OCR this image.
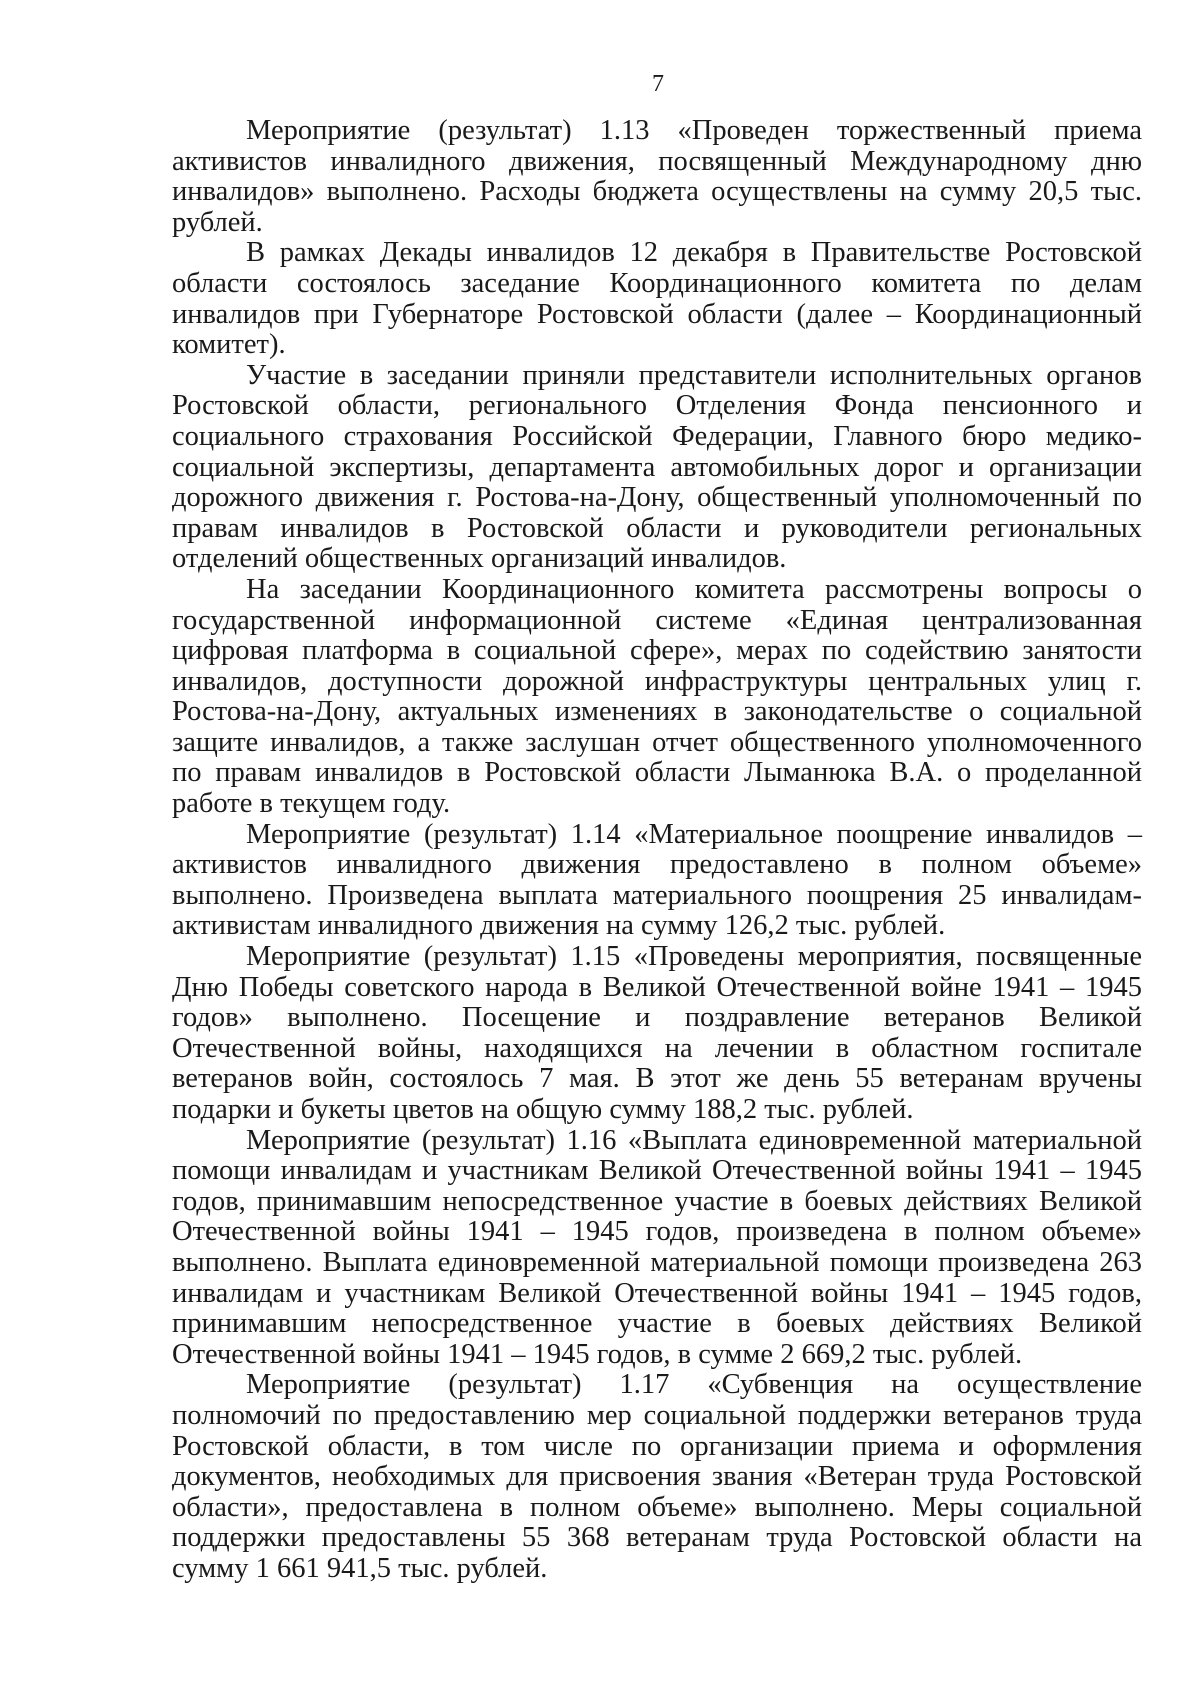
7

Мероприятие (результат) 1.13 «Проведен торжественный приема активистов инвалидного движения, посвященный Международному дню инвалидов» выполнено. Расходы бюджета осуществлены на сумму 20,5 тыс. рублей.

В рамках Декады инвалидов 12 декабря в Правительстве Ростовской области состоялось заседание Координационного комитета по делам инвалидов при Губернаторе Ростовской области (далее – Координационный комитет).

Участие в заседании приняли представители исполнительных органов Ростовской области, регионального Отделения Фонда пенсионного и социального страхования Российской Федерации, Главного бюро медико-социальной экспертизы, департамента автомобильных дорог и организации дорожного движения г. Ростова-на-Дону, общественный уполномоченный по правам инвалидов в Ростовской области и руководители региональных отделений общественных организаций инвалидов.

На заседании Координационного комитета рассмотрены вопросы о государственной информационной системе «Единая централизованная цифровая платформа в социальной сфере», мерах по содействию занятости инвалидов, доступности дорожной инфраструктуры центральных улиц г. Ростова-на-Дону, актуальных изменениях в законодательстве о социальной защите инвалидов, а также заслушан отчет общественного уполномоченного по правам инвалидов в Ростовской области Лыманюка В.А. о проделанной работе в текущем году.

Мероприятие (результат) 1.14 «Материальное поощрение инвалидов – активистов инвалидного движения предоставлено в полном объеме» выполнено. Произведена выплата материального поощрения 25 инвалидам-активистам инвалидного движения на сумму 126,2 тыс. рублей.

Мероприятие (результат) 1.15 «Проведены мероприятия, посвященные Дню Победы советского народа в Великой Отечественной войне 1941 – 1945 годов» выполнено. Посещение и поздравление ветеранов Великой Отечественной войны, находящихся на лечении в областном госпитале ветеранов войн, состоялось 7 мая. В этот же день 55 ветеранам вручены подарки и букеты цветов на общую сумму 188,2 тыс. рублей.

Мероприятие (результат) 1.16 «Выплата единовременной материальной помощи инвалидам и участникам Великой Отечественной войны 1941 – 1945 годов, принимавшим непосредственное участие в боевых действиях Великой Отечественной войны 1941 – 1945 годов, произведена в полном объеме» выполнено. Выплата единовременной материальной помощи произведена 263 инвалидам и участникам Великой Отечественной войны 1941 – 1945 годов, принимавшим непосредственное участие в боевых действиях Великой Отечественной войны 1941 – 1945 годов, в сумме 2 669,2 тыс. рублей.

Мероприятие (результат) 1.17 «Субвенция на осуществление полномочий по предоставлению мер социальной поддержки ветеранов труда Ростовской области, в том числе по организации приема и оформления документов, необходимых для присвоения звания «Ветеран труда Ростовской области», предоставлена в полном объеме» выполнено. Меры социальной поддержки предоставлены 55 368 ветеранам труда Ростовской области на сумму 1 661 941,5 тыс. рублей.
